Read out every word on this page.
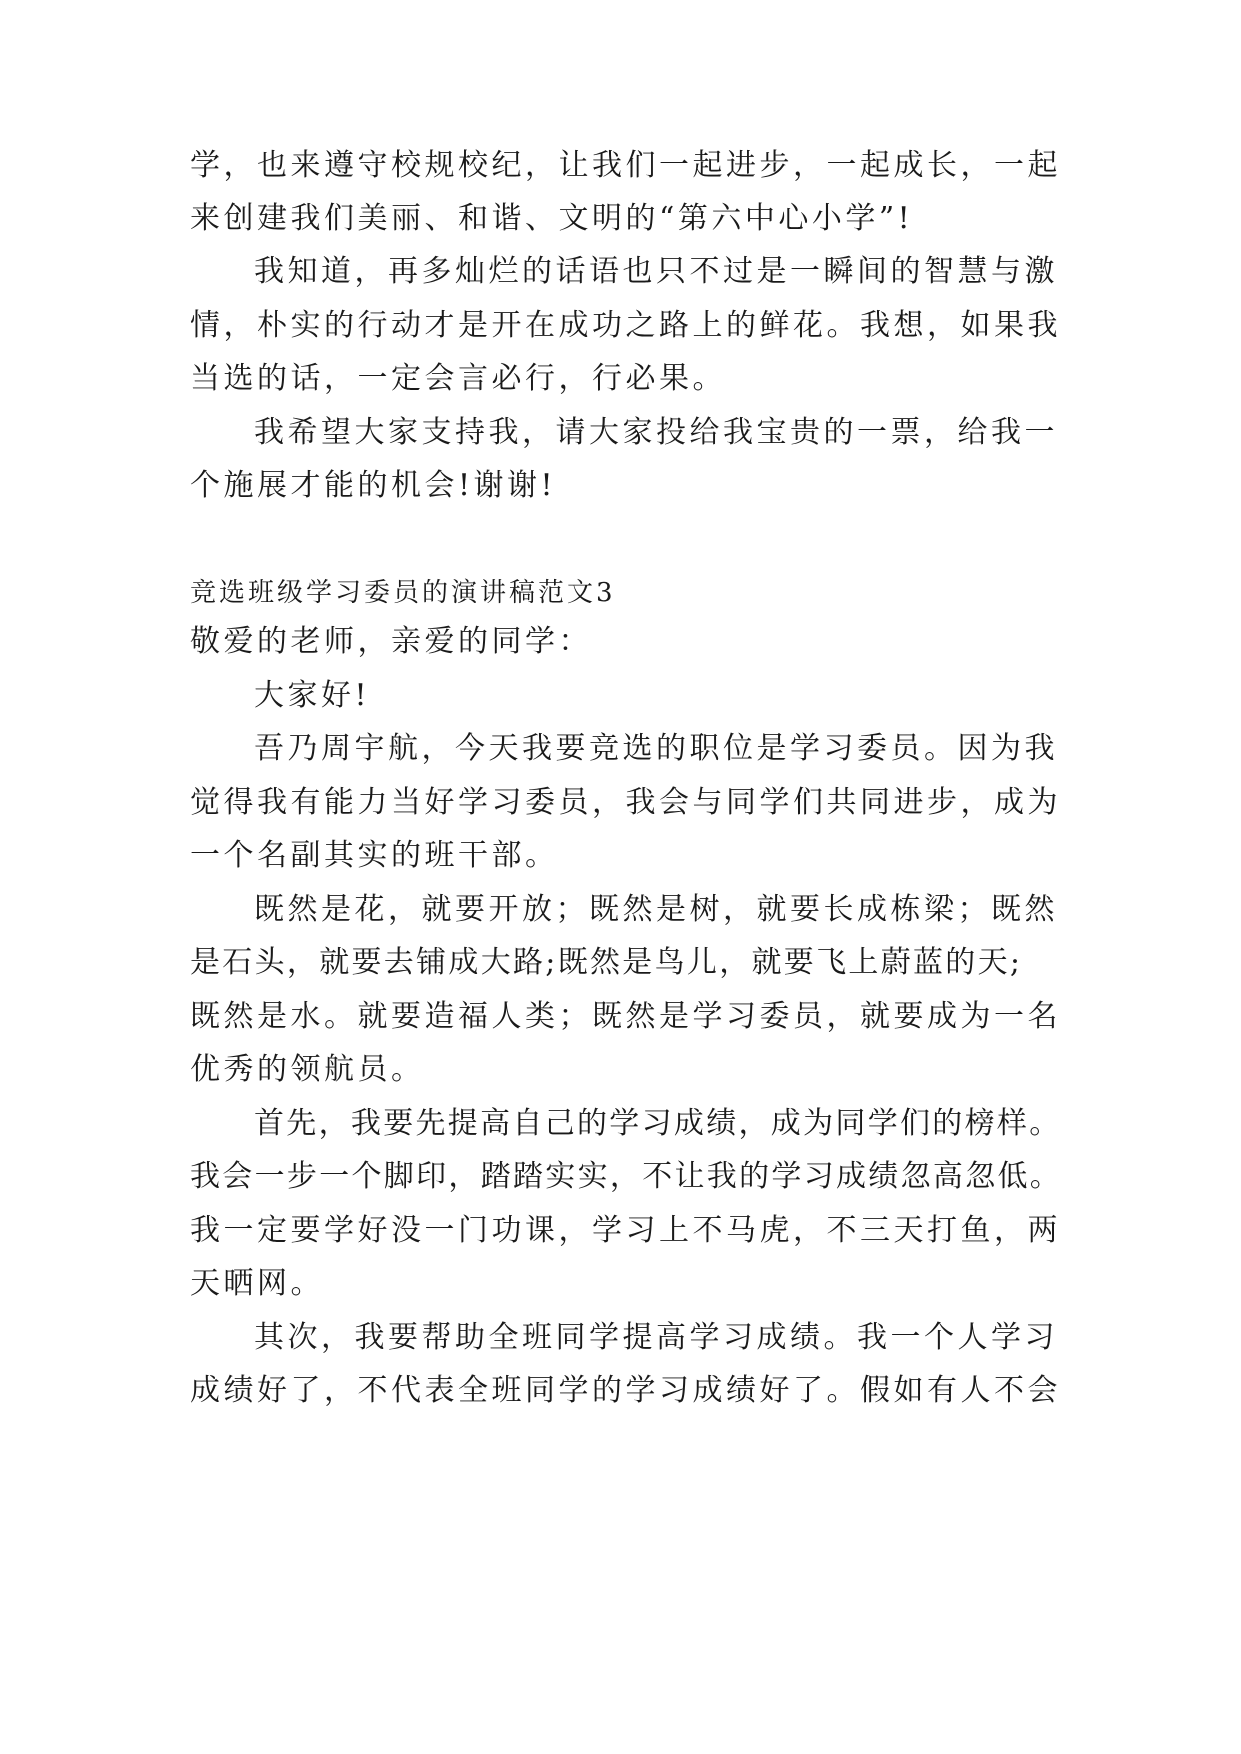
学，也来遵守校规校纪，让我们一起进步，一起成长，一起
来创建我们美丽、和谐、文明的“第六中心小学”!
我知道，再多灿烂的话语也只不过是一瞬间的智慧与激
情，朴实的行动才是开在成功之路上的鲜花。我想，如果我
当选的话，一定会言必行，行必果。
我希望大家支持我，请大家投给我宝贵的一票，给我一
个施展才能的机会!谢谢!
竞选班级学习委员的演讲稿范文3
敬爱的老师，亲爱的同学：
大家好!
吾乃周宇航，今天我要竞选的职位是学习委员。因为我
觉得我有能力当好学习委员，我会与同学们共同进步，成为
一个名副其实的班干部。
既然是花，就要开放；既然是树，就要长成栋梁；既然
是石头，就要去铺成大路;既然是鸟儿，就要飞上蔚蓝的天;
既然是水。就要造福人类；既然是学习委员，就要成为一名
优秀的领航员。
首先，我要先提高自己的学习成绩，成为同学们的榜样。
我会一步一个脚印，踏踏实实，不让我的学习成绩忽高忽低。
我一定要学好没一门功课，学习上不马虎，不三天打鱼，两
天晒网。
其次，我要帮助全班同学提高学习成绩。我一个人学习
成绩好了，不代表全班同学的学习成绩好了。假如有人不会
